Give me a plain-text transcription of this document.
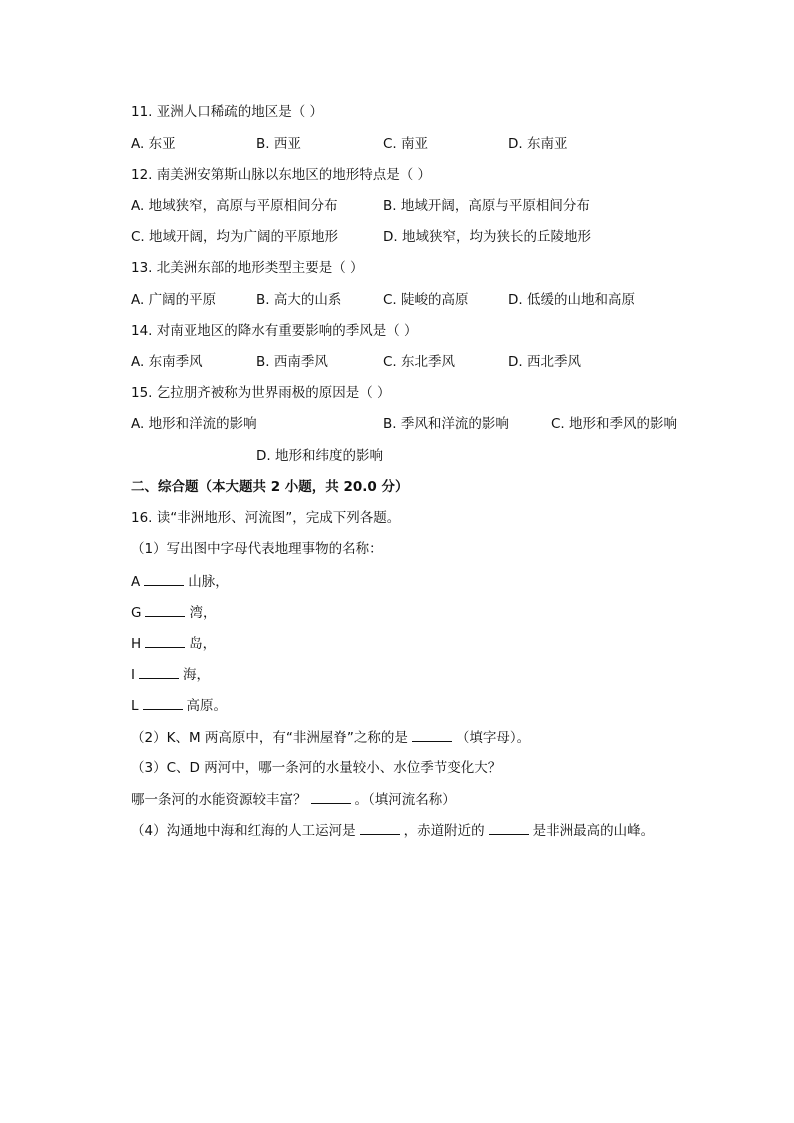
11. 亚洲人口稀疏的地区是（ ）
A. 东亚	B. 西亚	C. 南亚	D. 东南亚
12. 南美洲安第斯山脉以东地区的地形特点是（ ）
A. 地域狭窄，高原与平原相间分布	B. 地域开阔，高原与平原相间分布
C. 地域开阔，均为广阔的平原地形	D. 地域狭窄，均为狭长的丘陵地形
13. 北美洲东部的地形类型主要是（ ）
A. 广阔的平原	B. 高大的山系	C. 陡峻的高原	D. 低缓的山地和高原
14. 对南亚地区的降水有重要影响的季风是（ ）
A. 东南季风	B. 西南季风	C. 东北季风	D. 西北季风
15. 乞拉朋齐被称为世界雨极的原因是（ ）
A. 地形和洋流的影响	B. 季风和洋流的影响	C. 地形和季风的影响
D. 地形和纬度的影响
二、综合题（本大题共 2 小题，共 20.0 分）
16. 读“非洲地形、河流图”，完成下列各题。
（1）写出图中字母代表地理事物的名称：
A	山脉，
G	湾，
H	岛，
I	海，
L	高原。
（2）K、M 两高原中，有“非洲屋脊”之称的是	（填字母）。
（3）C、D 两河中，哪一条河的水量较小、水位季节变化大？
哪一条河的水能资源较丰富？	。（填河流名称）
（4）沟通地中海和红海的人工运河是	，赤道附近的	是非洲最高的山峰。
